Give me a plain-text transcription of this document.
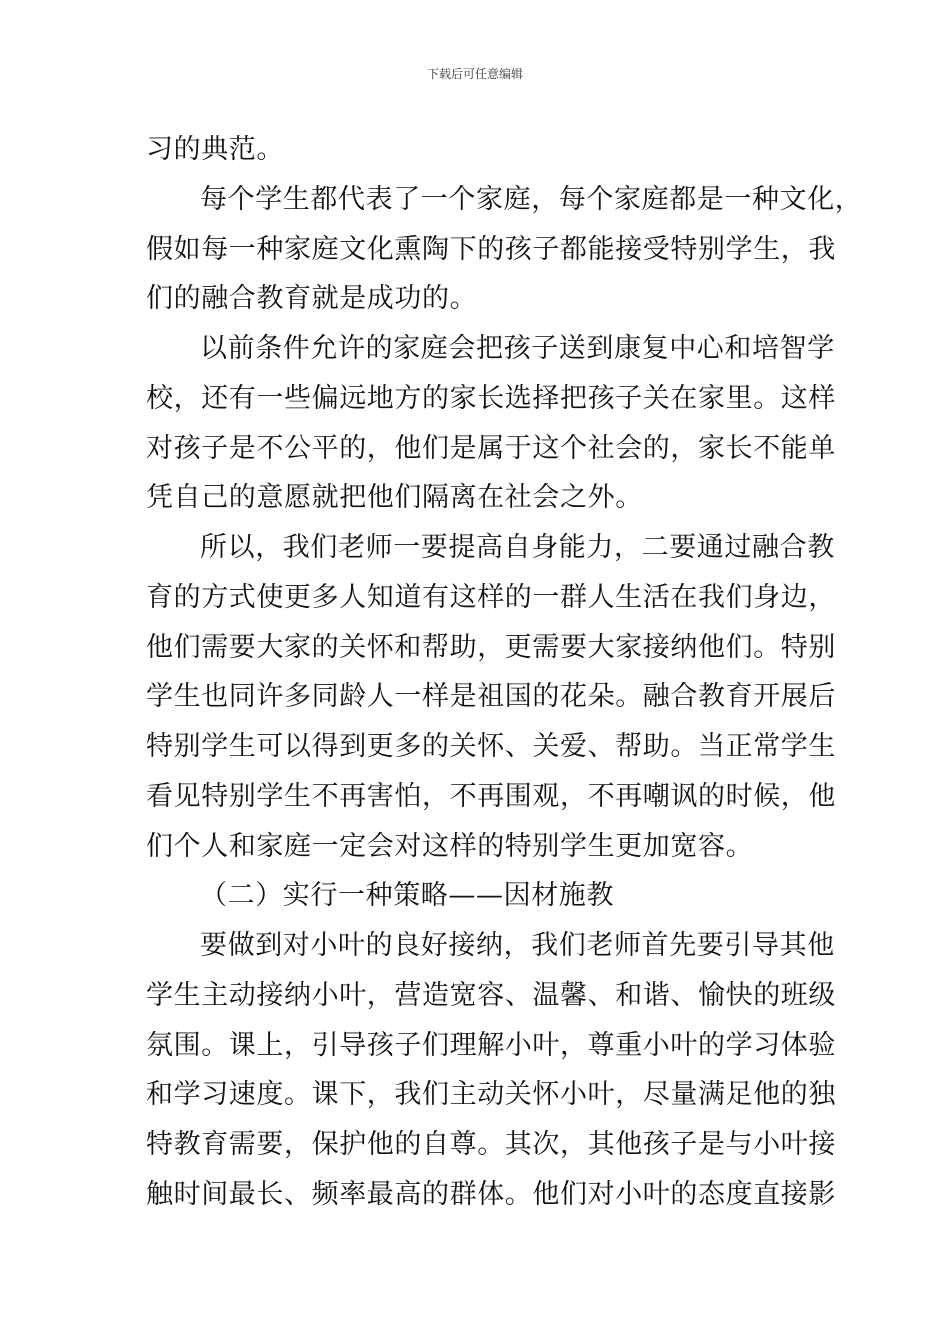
下载后可任意编辑
习的典范。
每个学生都代表了一个家庭，每个家庭都是一种文化，
假如每一种家庭文化熏陶下的孩子都能接受特别学生，我
们的融合教育就是成功的。
以前条件允许的家庭会把孩子送到康复中心和培智学
校，还有一些偏远地方的家长选择把孩子关在家里。这样
对孩子是不公平的，他们是属于这个社会的，家长不能单
凭自己的意愿就把他们隔离在社会之外。
所以，我们老师一要提高自身能力，二要通过融合教
育的方式使更多人知道有这样的一群人生活在我们身边，
他们需要大家的关怀和帮助，更需要大家接纳他们。特别
学生也同许多同龄人一样是祖国的花朵。融合教育开展后
特别学生可以得到更多的关怀、关爱、帮助。当正常学生
看见特别学生不再害怕，不再围观，不再嘲讽的时候，他
们个人和家庭一定会对这样的特别学生更加宽容。
（二）实行一种策略——因材施教
要做到对小叶的良好接纳，我们老师首先要引导其他
学生主动接纳小叶，营造宽容、温馨、和谐、愉快的班级
氛围。课上，引导孩子们理解小叶，尊重小叶的学习体验
和学习速度。课下，我们主动关怀小叶，尽量满足他的独
特教育需要，保护他的自尊。其次，其他孩子是与小叶接
触时间最长、频率最高的群体。他们对小叶的态度直接影
